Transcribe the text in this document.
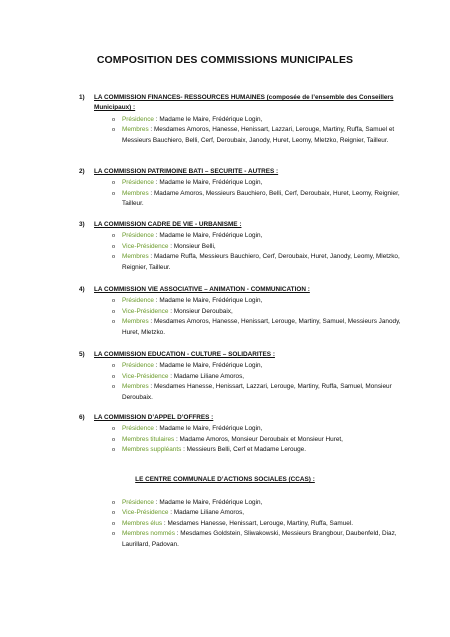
COMPOSITION DES COMMISSIONS MUNICIPALES
1) LA COMMISSION FINANCES- RESSOURCES HUMAINES (composée de l’ensemble des Conseillers Municipaux) :
o Présidence : Madame le Maire, Frédérique Login,
o Membres : Mesdames Amoros, Hanesse, Henissart, Lazzari, Lerouge, Martiny, Ruffa, Samuel et Messieurs Bauchiero, Belli, Cerf, Deroubaix, Janody, Huret, Leomy, Mletzko, Reignier, Tailleur.
2) LA COMMISSION PATRIMOINE BATI – SECURITE - AUTRES :
o Présidence : Madame le Maire, Frédérique Login,
o Membres : Madame Amoros, Messieurs Bauchiero, Belli, Cerf, Deroubaix, Huret, Leomy, Reignier, Tailleur.
3) LA COMMISSION CADRE DE VIE - URBANISME :
o Présidence : Madame le Maire, Frédérique Login,
o Vice-Présidence : Monsieur Belli,
o Membres : Madame Ruffa, Messieurs Bauchiero, Cerf, Deroubaix, Huret, Janody, Leomy, Mletzko, Reignier, Tailleur.
4) LA COMMISSION VIE ASSOCIATIVE – ANIMATION - COMMUNICATION :
o Présidence : Madame le Maire, Frédérique Login,
o Vice-Présidence : Monsieur Deroubaix,
o Membres : Mesdames Amoros, Hanesse, Henissart, Lerouge, Martiny, Samuel, Messieurs Janody, Huret, Mletzko.
5) LA COMMISSION EDUCATION - CULTURE – SOLIDARITES :
o Présidence : Madame le Maire, Frédérique Login,
o Vice-Présidence : Madame Liliane Amoros,
o Membres : Mesdames Hanesse, Henissart, Lazzari, Lerouge, Martiny, Ruffa, Samuel, Monsieur Deroubaix.
6) LA COMMISSION D’APPEL D’OFFRES :
o Présidence : Madame le Maire, Frédérique Login,
o Membres titulaires : Madame Amoros, Monsieur Deroubaix et Monsieur Huret,
o Membres suppléants : Messieurs Belli, Cerf et Madame Lerouge.
LE CENTRE COMMUNALE D’ACTIONS SOCIALES (CCAS) :
o Présidence : Madame le Maire, Frédérique Login,
o Vice-Présidence : Madame Liliane Amoros,
o Membres élus : Mesdames Hanesse, Henissart, Lerouge, Martiny, Ruffa, Samuel.
o Membres nommés : Mesdames Goldstein, Sliwakowski, Messieurs Brangbour, Daubenfeld, Diaz, Laurillard, Padovan.
